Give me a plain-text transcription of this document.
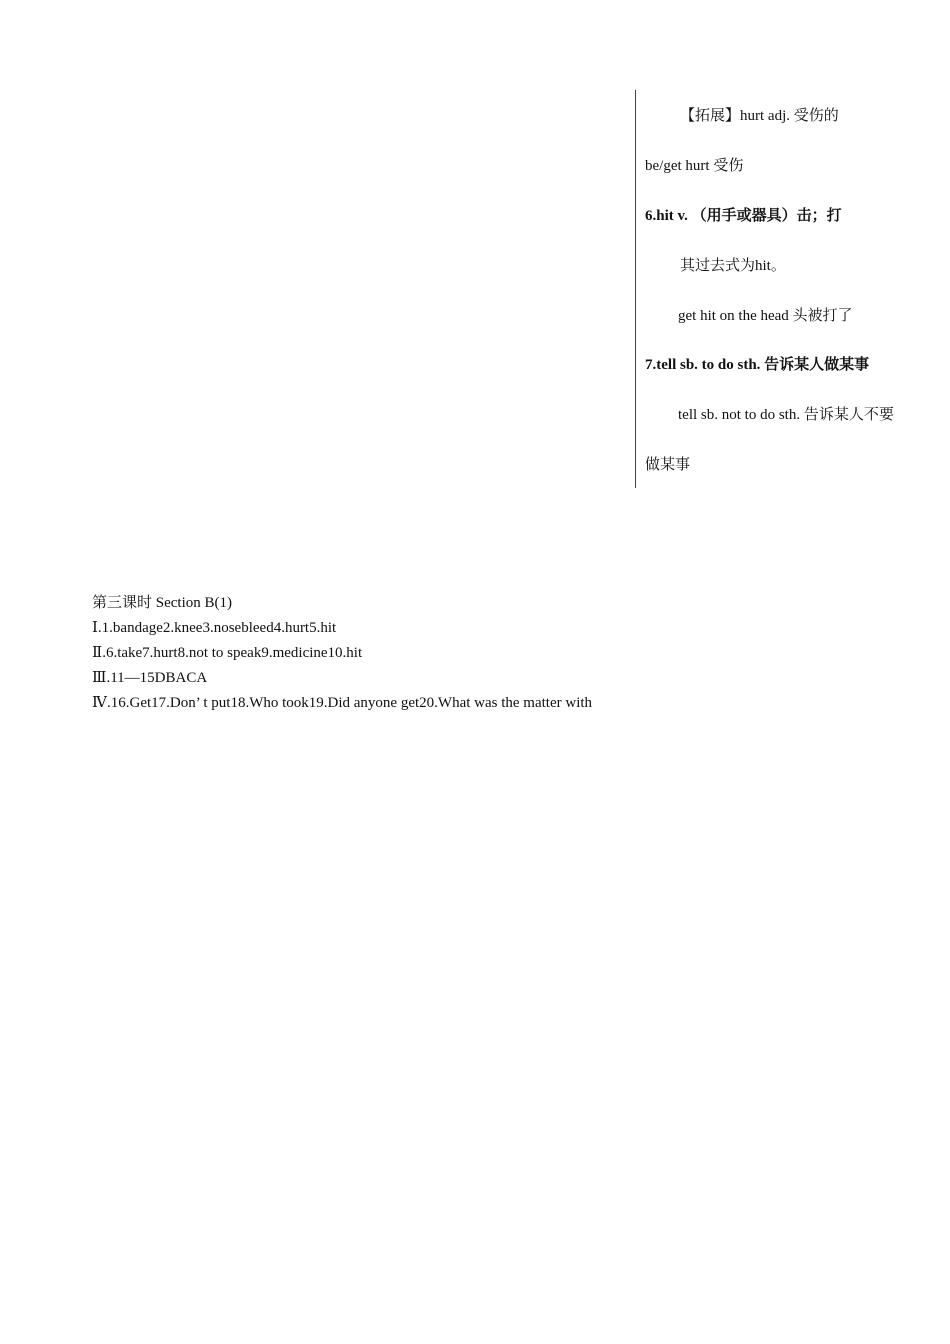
【拓展】hurt adj. 受伤的
be/get hurt 受伤
6.hit v. （用手或器具）击；打
其过去式为hit。
get hit on the head 头被打了
7.tell sb. to do sth. 告诉某人做某事
tell sb. not to do sth. 告诉某人不要
做某事
第三课时 Section B(1)
Ⅰ.1.bandage2.knee3.nosebleed4.hurt5.hit
Ⅱ.6.take7.hurt8.not to speak9.medicine10.hit
Ⅲ.11—15DBACA
Ⅳ.16.Get17.Don’ t put18.Who took19.Did anyone get20.What was the matter with
